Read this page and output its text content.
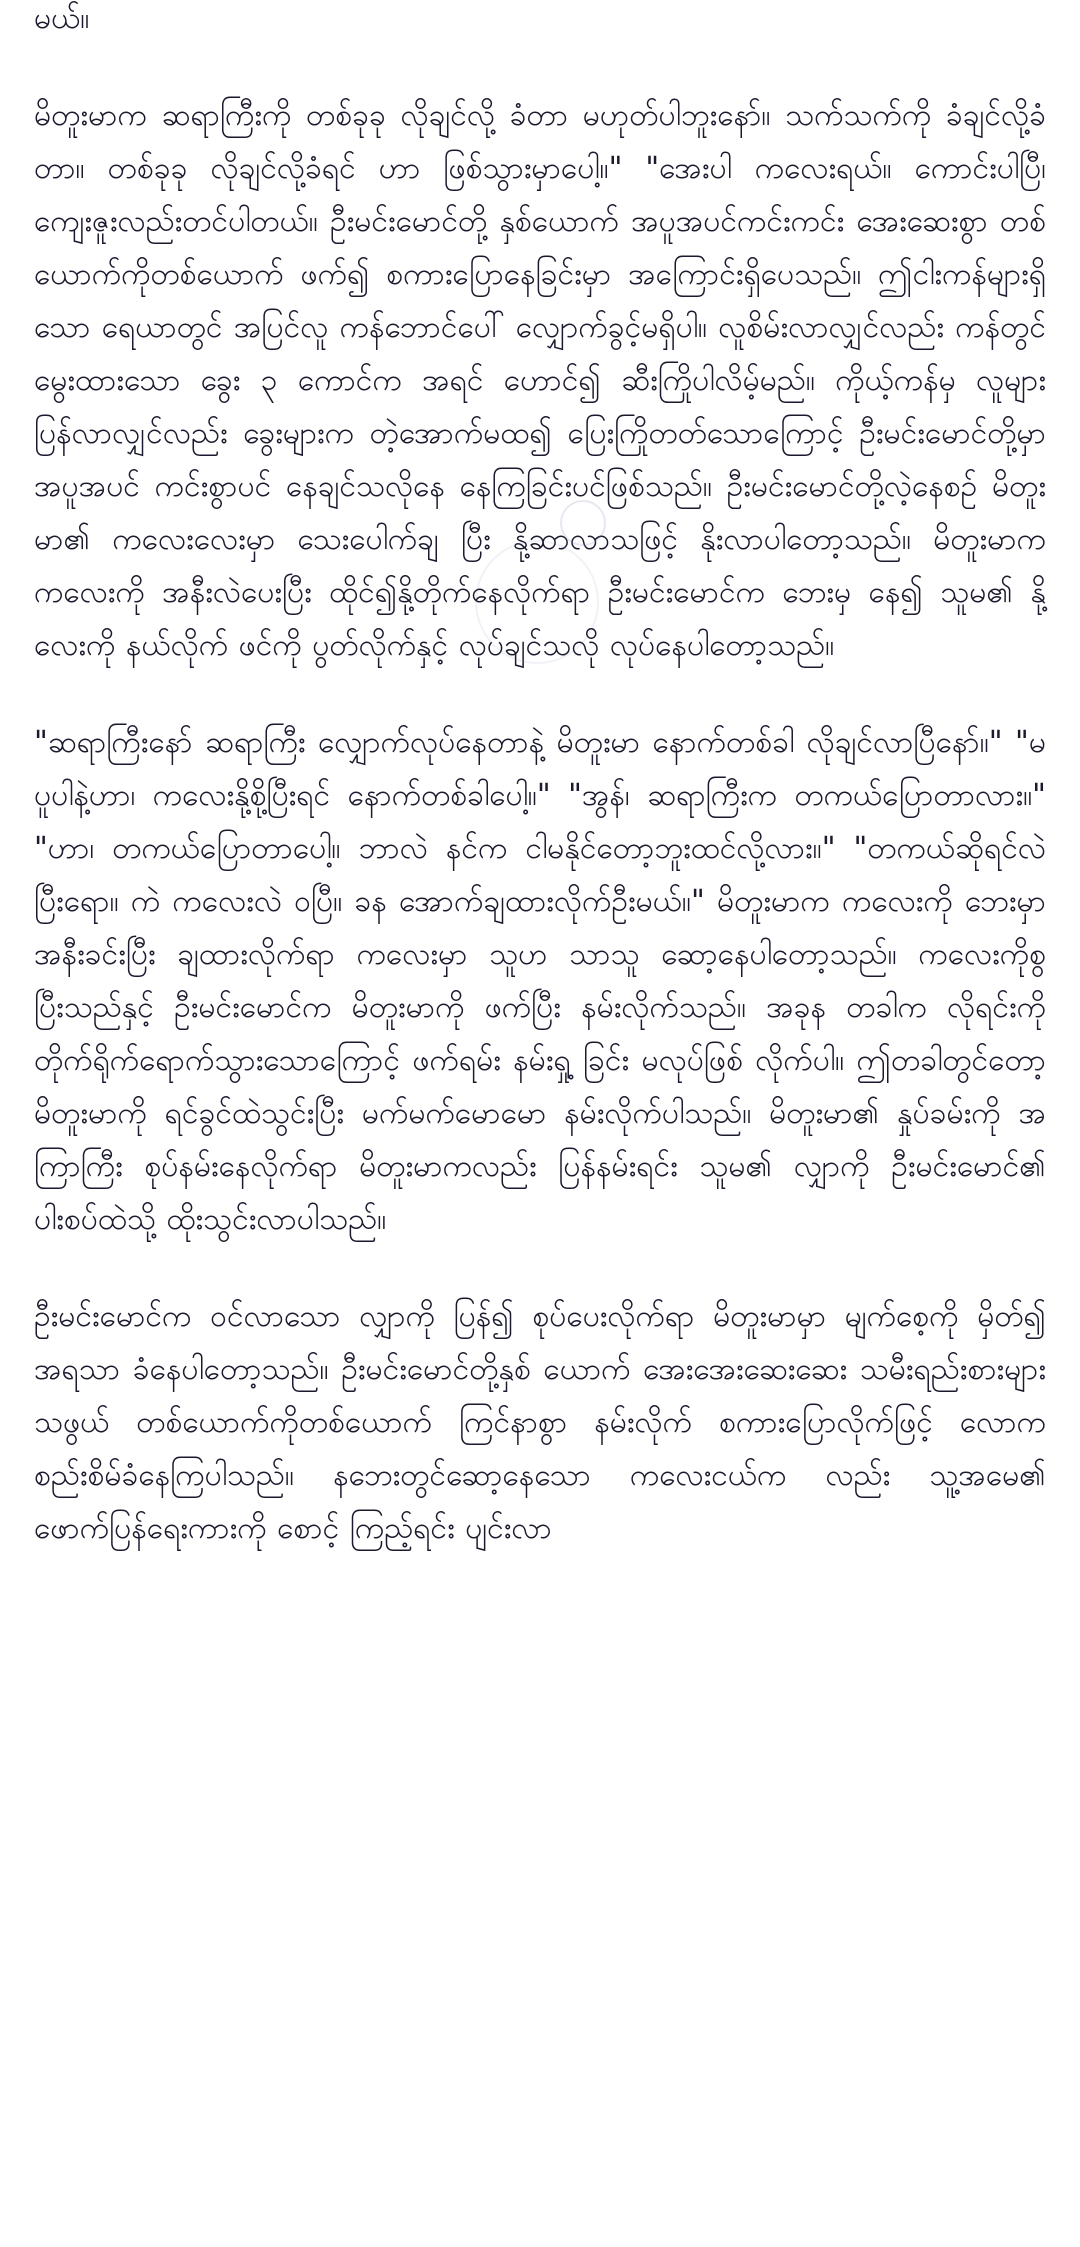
မယ်။

မိတူးမာက ဆရာကြီးကို တစ်ခုခု လိုချင်လို့ ခံတာ မဟုတ်ပါဘူးနော်။ သက်သက်ကို ခံချင်လို့ခံတာ။ တစ်ခုခု လိုချင်လို့ခံရင် ဟာ ဖြစ်သွားမှာပေါ့။" "အေးပါ ကလေးရယ်။ ကောင်းပါပြီ၊ ကျေးဇူးလည်းတင်ပါတယ်။ ဦးမင်းမောင်တို့ နှစ်ယောက် အပူအပင်ကင်းကင်း အေးဆေးစွာ တစ်ယောက်ကိုတစ်ယောက် ဖက်၍ စကားပြောနေခြင်းမှာ အကြောင်းရှိပေသည်။ ဤငါးကန်များရှိသော ရေယာတွင် အပြင်လူ ကန်ဘောင်ပေါ် လျှောက်ခွင့်မရှိပါ။ လူစိမ်းလာလျှင်လည်း ကန်တွင်မွေးထားသော ခွေး ၃ ကောင်က အရင် ဟောင်၍ ဆီးကြိုပါလိမ့်မည်။ ကိုယ့်ကန်မှ လူများ ပြန်လာလျှင်လည်း ခွေးများက တဲ့အောက်မထ၍ ပြေးကြိုတတ်သောကြောင့် ဦးမင်းမောင်တို့မှာ အပူအပင် ကင်းစွာပင် နေချင်သလိုနေ နေကြခြင်းပင်ဖြစ်သည်။ ဦးမင်းမောင်တို့လဲ့နေစဉ် မိတူးမာ၏ ကလေးလေးမှာ သေးပေါက်ချ ပြီး နို့ဆာလာသဖြင့် နိုးလာပါတော့သည်။ မိတူးမာက ကလေးကို အနီးလဲပေးပြီး ထိုင်၍နို့တိုက်နေလိုက်ရာ ဦးမင်းမောင်က ဘေးမှ နေ၍ သူမ၏ နို့လေးကို နယ်လိုက် ဖင်ကို ပွတ်လိုက်နှင့် လုပ်ချင်သလို လုပ်နေပါတော့သည်။

"ဆရာကြီးနော် ဆရာကြီး လျှောက်လုပ်နေတာနဲ့ မိတူးမာ နောက်တစ်ခါ လိုချင်လာပြီနော်။" "မပူပါနဲ့ဟာ၊ ကလေးနို့စို့ပြီးရင် နောက်တစ်ခါပေါ့။" "အွန်၊ ဆရာကြီးက တကယ်ပြောတာလား။" "ဟာ၊ တကယ်ပြောတာပေါ့။ ဘာလဲ နင်က ငါမနိုင်တော့ဘူးထင်လို့လား။" "တကယ်ဆိုရင်လဲ ပြီးရော။ ကဲ ကလေးလဲ ဝပြီ။ ခန အောက်ချထားလိုက်ဦးမယ်။" မိတူးမာက ကလေးကို ဘေးမှာ အနီးခင်းပြီး ချထားလိုက်ရာ ကလေးမှာ သူဟ သာသူ ဆော့နေပါတော့သည်။ ကလေးကိုစွပြီးသည်နှင့် ဦးမင်းမောင်က မိတူးမာကို ဖက်ပြီး နမ်းလိုက်သည်။ အခုန တခါက လိုရင်းကို တိုက်ရိုက်ရောက်သွားသောကြောင့် ဖက်ရမ်း နမ်းရှု့ ခြင်း မလုပ်ဖြစ် လိုက်ပါ။ ဤတခါတွင်တော့ မိတူးမာကို ရင်ခွင်ထဲသွင်းပြီး မက်မက်မောမော နမ်းလိုက်ပါသည်။ မိတူးမာ၏ နှုပ်ခမ်းကို အကြာကြီး စုပ်နမ်းနေလိုက်ရာ မိတူးမာကလည်း ပြန်နမ်းရင်း သူမ၏ လျှာကို ဦးမင်းမောင်၏ ပါးစပ်ထဲသို့ ထိုးသွင်းလာပါသည်။

ဦးမင်းမောင်က ဝင်လာသော လျှာကို ပြန်၍ စုပ်ပေးလိုက်ရာ မိတူးမာမှာ မျက်စေ့ကို မှိတ်၍ အရသာ ခံနေပါတော့သည်။ ဦးမင်းမောင်တို့နှစ် ယောက် အေးအေးဆေးဆေး သမီးရည်းစားများသဖွယ် တစ်ယောက်ကိုတစ်ယောက် ကြင်နာစွာ နမ်းလိုက် စကားပြောလိုက်ဖြင့် လောက စည်းစိမ်ခံနေကြပါသည်။ နဘေးတွင်ဆော့နေသော ကလေးငယ်က လည်း သူ့အမေ၏ ဖောက်ပြန်ရေးကားကို စောင့် ကြည့်ရင်း ပျင်းလာ
